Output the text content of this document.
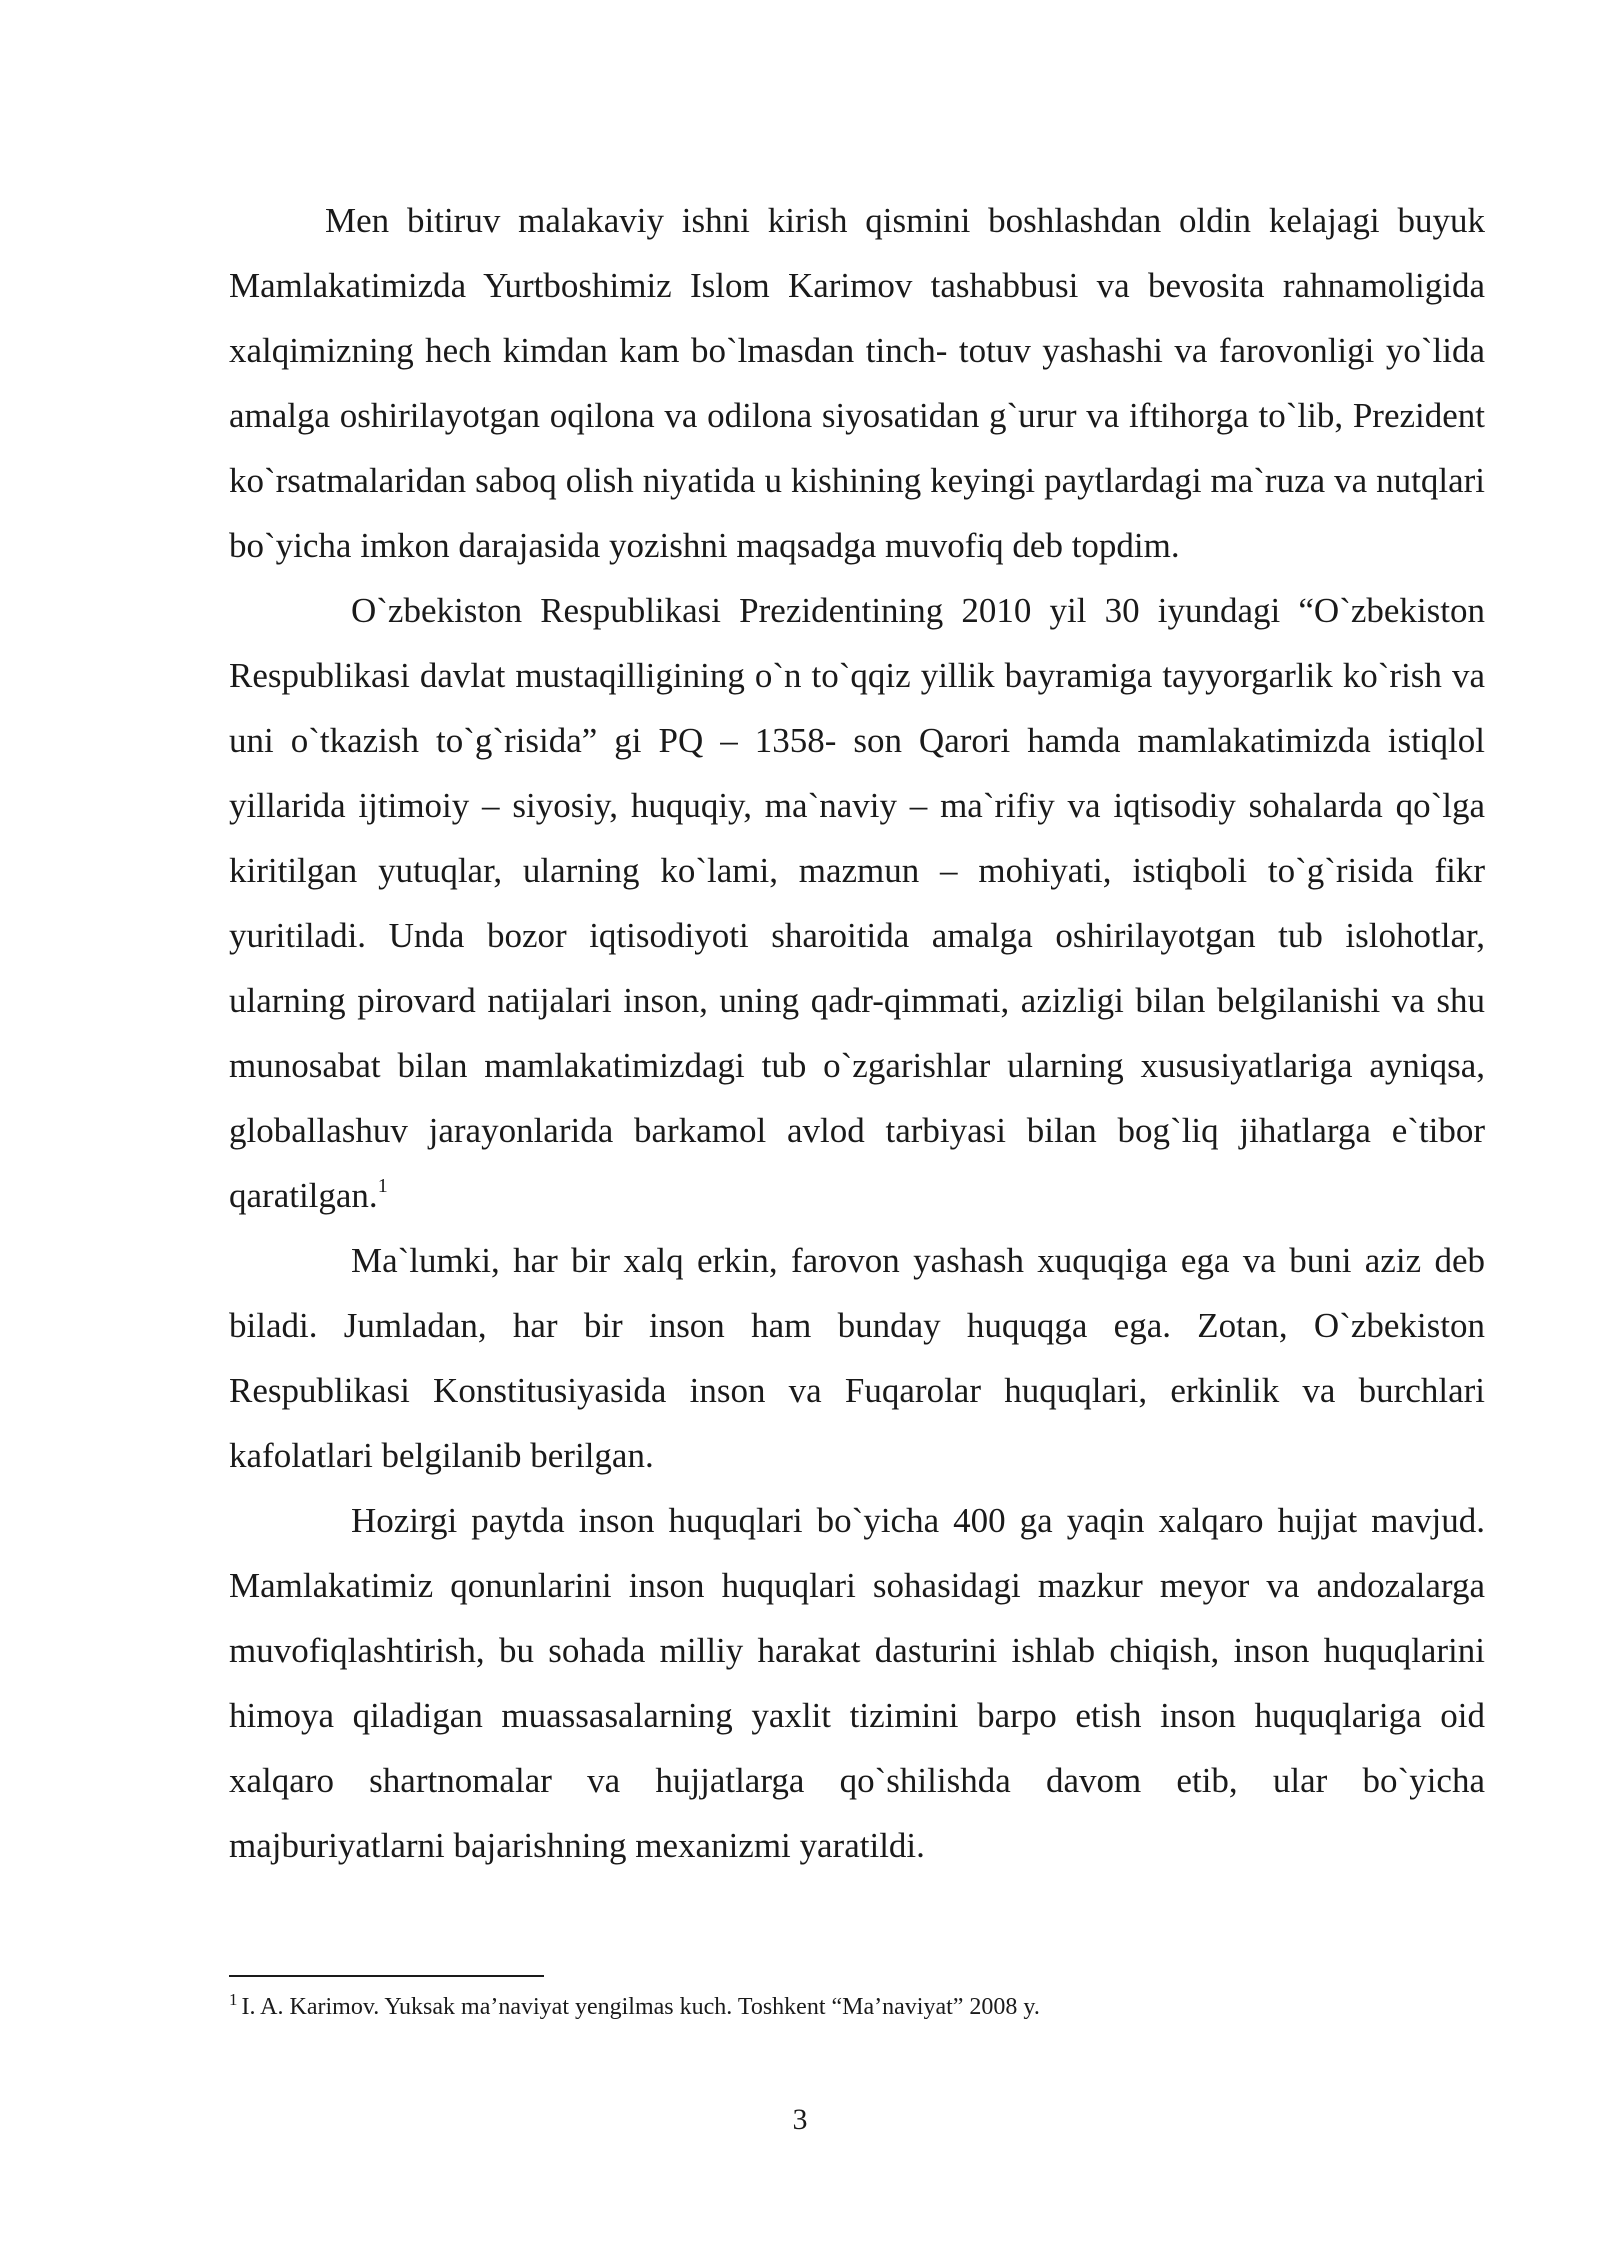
Men bitiruv malakaviy ishni kirish qismini boshlashdan oldin kelajagi buyuk Mamlakatimizda Yurtboshimiz Islom Karimov tashabbusi va bevosita rahnamoligida xalqimizning hech kimdan kam bo`lmasdan tinch- totuv yashashi va farovonligi yo`lida amalga oshirilayotgan oqilona va odilona siyosatidan g`urur va iftihorga to`lib, Prezident ko`rsatmalaridan saboq olish niyatida u kishining keyingi paytlardagi ma`ruza va nutqlari bo`yicha imkon darajasida yozishni maqsadga muvofiq deb topdim.

O`zbekiston Respublikasi Prezidentining 2010 yil 30 iyundagi “O`zbekiston Respublikasi davlat mustaqilligining o`n to`qqiz yillik bayramiga tayyorgarlik ko`rish va uni o`tkazish to`g`risida” gi PQ – 1358- son Qarori hamda mamlakatimizda istiqlol yillarida ijtimoiy – siyosiy, huquqiy, ma`naviy – ma`rifiy va iqtisodiy sohalarda qo`lga kiritilgan yutuqlar, ularning ko`lami, mazmun – mohiyati, istiqboli to`g`risida fikr yuritiladi. Unda bozor iqtisodiyoti sharoitida amalga oshirilayotgan tub islohotlar, ularning pirovard natijalari inson, uning qadr-qimmati, azizligi bilan belgilanishi va shu munosabat bilan mamlakatimizdagi tub o`zgarishlar ularning xususiyatlariga ayniqsa, globallashuv jarayonlarida barkamol avlod tarbiyasi bilan bog`liq jihatlarga e`tibor qaratilgan.$^1$

Ma`lumki, har bir xalq erkin, farovon yashash xuquqiga ega va buni aziz deb biladi. Jumladan, har bir inson ham bunday huquqga ega. Zotan, O`zbekiston Respublikasi Konstitusiyasida inson va Fuqarolar huquqlari, erkinlik va burchlari kafolatlari belgilanib berilgan.

Hozirgi paytda inson huquqlari bo`yicha 400 ga yaqin xalqaro hujjat mavjud. Mamlakatimiz qonunlarini inson huquqlari sohasidagi mazkur meyor va andozalarga muvofiqlashtirish, bu sohada milliy harakat dasturini ishlab chiqish, inson huquqlarini himoya qiladigan muassasalarning yaxlit tizimini barpo etish inson huquqlariga oid xalqaro shartnomalar va hujjatlarga qo`shilishda davom etib, ular bo`yicha majburiyatlarni bajarishning mexanizmi yaratildi.

$^1$ I. A. Karimov. Yuksak ma’naviyat yengilmas kuch. Toshkent “Ma’naviyat” 2008 y.
3
